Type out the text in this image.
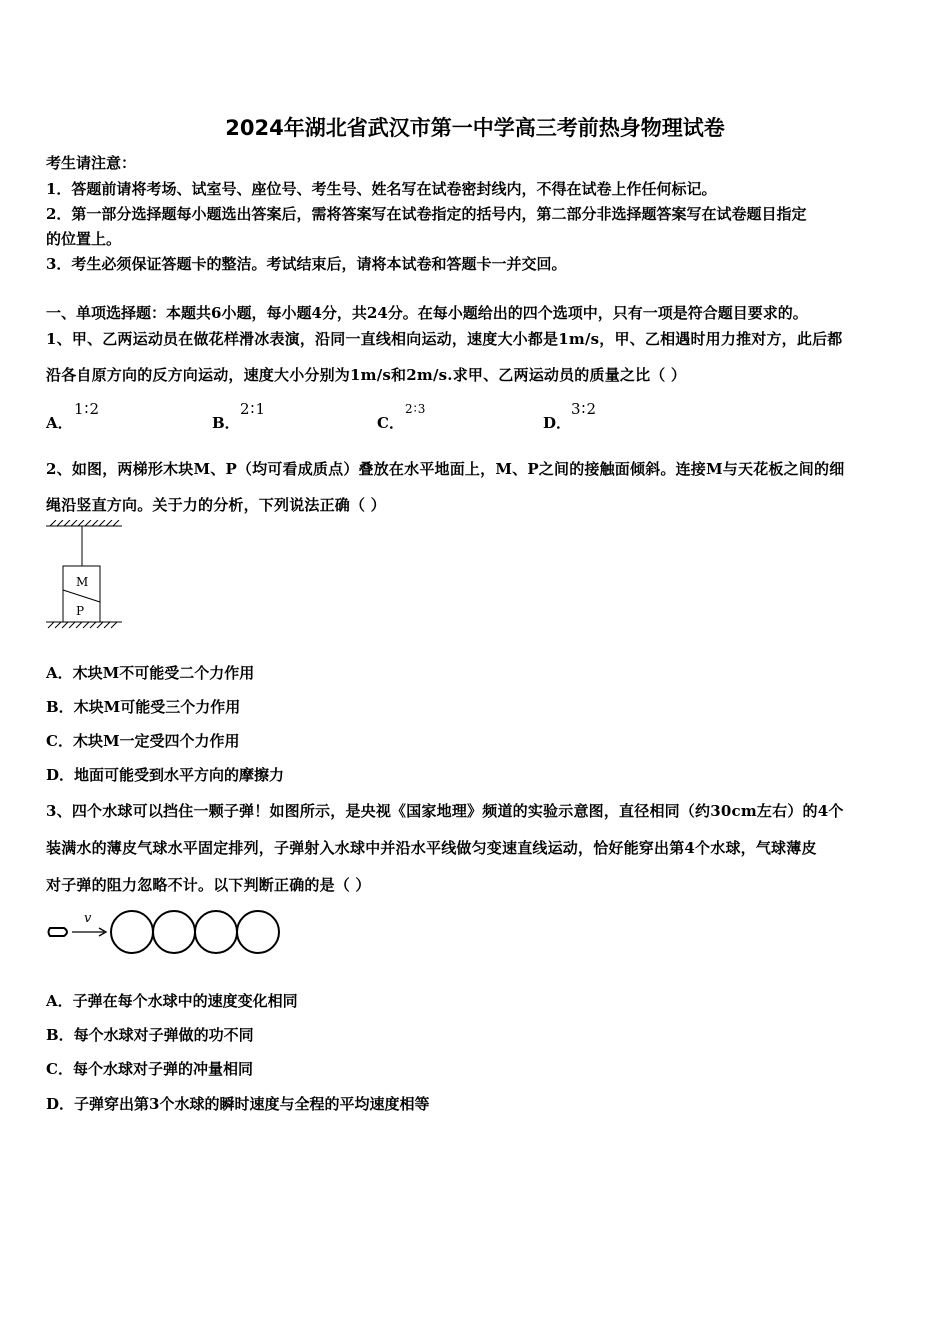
2024年湖北省武汉市第一中学高三考前热身物理试卷
考生请注意：
1．答题前请将考场、试室号、座位号、考生号、姓名写在试卷密封线内，不得在试卷上作任何标记。
2．第一部分选择题每小题选出答案后，需将答案写在试卷指定的括号内，第二部分非选择题答案写在试卷题目指定
的位置上。
3．考生必须保证答题卡的整洁。考试结束后，请将本试卷和答题卡一并交回。
一、单项选择题：本题共6小题，每小题4分，共24分。在每小题给出的四个选项中，只有一项是符合题目要求的。
1、甲、乙两运动员在做花样滑冰表演，沿同一直线相向运动，速度大小都是1m/s，甲、乙相遇时用力推对方，此后都
沿各自原方向的反方向运动，速度大小分别为1m/s和2m/s.求甲、乙两运动员的质量之比（ ）
A．
1∶2
B．
2∶1
C．
2∶3
D．
3∶2
2、如图，两梯形木块M、P（均可看成质点）叠放在水平地面上，M、P之间的接触面倾斜。连接M与天花板之间的细
绳沿竖直方向。关于力的分析，下列说法正确（ ）
M
P
A．木块M不可能受二个力作用
B．木块M可能受三个力作用
C．木块M一定受四个力作用
D．地面可能受到水平方向的摩擦力
3、四个水球可以挡住一颗子弹！如图所示，是央视《国家地理》频道的实验示意图，直径相同（约30cm左右）的4个
装满水的薄皮气球水平固定排列，子弹射入水球中并沿水平线做匀变速直线运动，恰好能穿出第4个水球，气球薄皮
对子弹的阻力忽略不计。以下判断正确的是（ ）
v
A．子弹在每个水球中的速度变化相同
B．每个水球对子弹做的功不同
C．每个水球对子弹的冲量相同
D．子弹穿出第3个水球的瞬时速度与全程的平均速度相等
